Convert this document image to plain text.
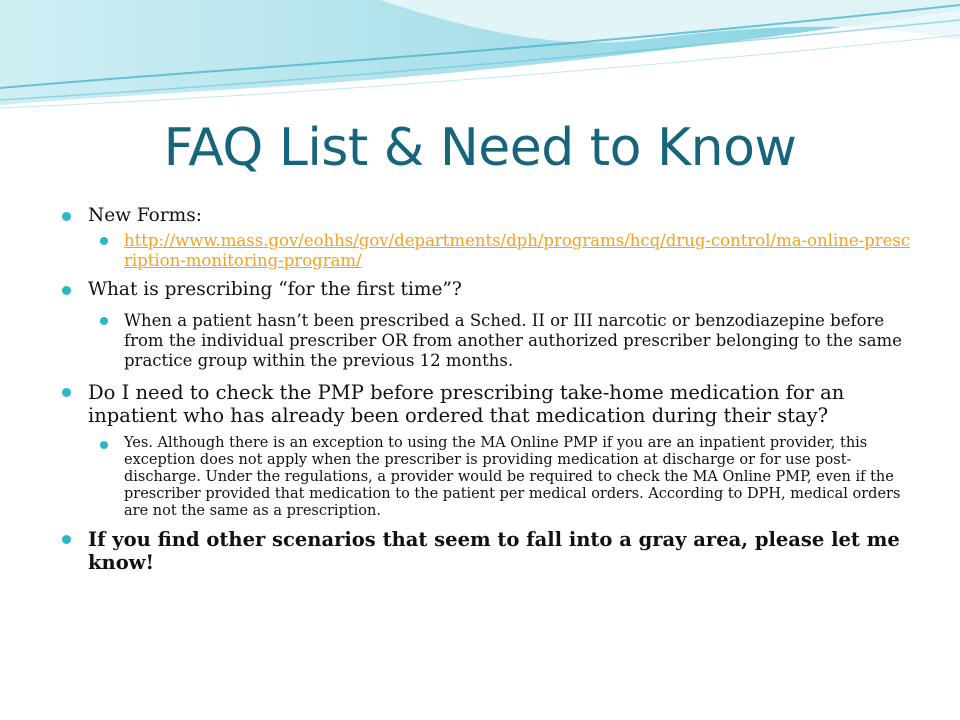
FAQ List & Need to Know
New Forms:
http://www.mass.gov/eohhs/gov/departments/dph/programs/hcq/drug-control/ma-online-prescription-monitoring-program/
What is prescribing “for the first time”?
When a patient hasn’t been prescribed a Sched. II or III narcotic or benzodiazepine before from the individual prescriber OR from another authorized prescriber belonging to the same practice group within the previous 12 months.
Do I need to check the PMP before prescribing take-home medication for an inpatient who has already been ordered that medication during their stay?
Yes. Although there is an exception to using the MA Online PMP if you are an inpatient provider, this exception does not apply when the prescriber is providing medication at discharge or for use post-discharge. Under the regulations, a provider would be required to check the MA Online PMP, even if the prescriber provided that medication to the patient per medical orders. According to DPH, medical orders are not the same as a prescription.
If you find other scenarios that seem to fall into a gray area, please let me know!
